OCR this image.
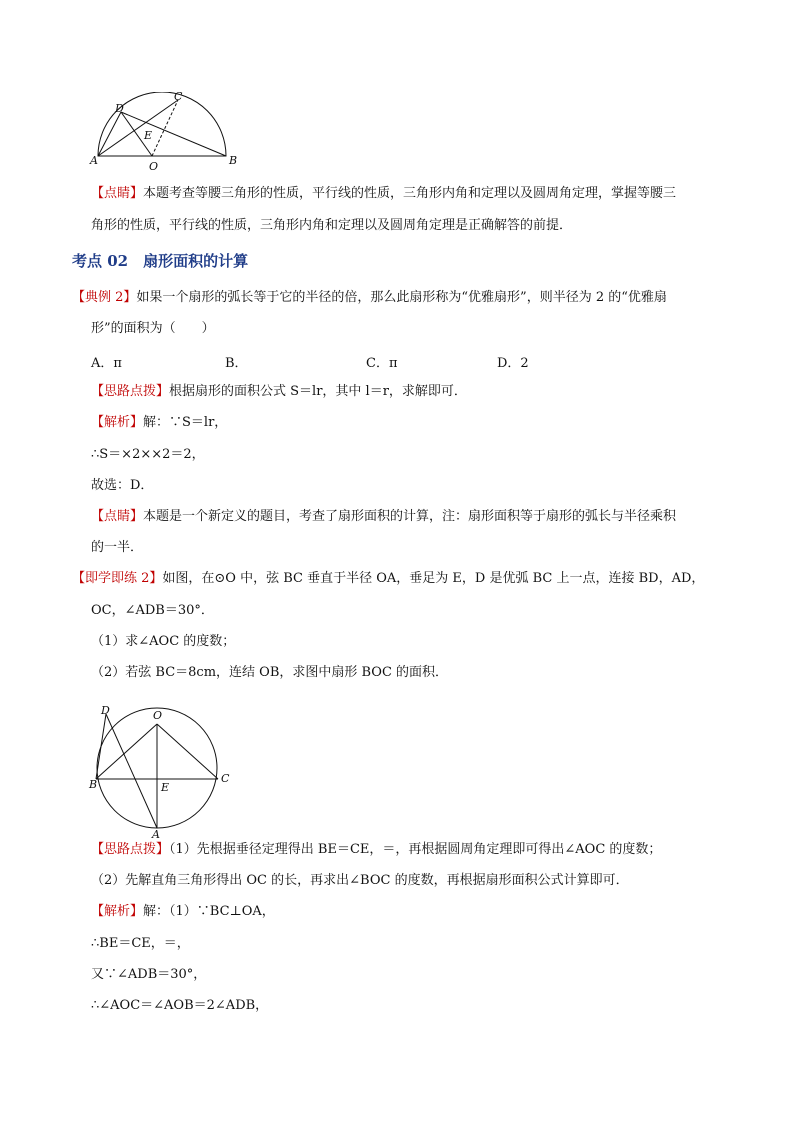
A	B
C
D
E
O
【点睛】本题考查等腰三角形的性质，平行线的性质，三角形内角和定理以及圆周角定理，掌握等腰三
角形的性质，平行线的性质，三角形内角和定理以及圆周角定理是正确解答的前提．
考点 02　 扇形面积的计算
【典例 2】如果一个扇形的弧长等于它的半径的倍，那么此扇形称为“优雅扇形”，则半径为 2 的“优雅扇
形”的面积为（　　）
A．π	B．	C．π	D．2
【思路点拨】根据扇形的面积公式 S＝lr，其中 l＝r，求解即可．
【解析】解：∵S＝lr，
∴S＝×2××2＝2，
故选：D．
【点睛】本题是一个新定义的题目，考查了扇形面积的计算，注：扇形面积等于扇形的弧长与半径乘积
的一半．
【即学即练 2】如图，在⊙O 中，弦 BC 垂直于半径 OA，垂足为 E，D 是优弧 BC 上一点，连接 BD，AD，
OC，∠ADB＝30°．
（1）求∠AOC 的度数；
（2）若弦 BC＝8cm，连结 OB，求图中扇形 BOC 的面积．
D	O
B	C
E
A
【思路点拨】（1）先根据垂径定理得出 BE＝CE，＝，再根据圆周角定理即可得出∠AOC 的度数；
（2）先解直角三角形得出 OC 的长，再求出∠BOC 的度数，再根据扇形面积公式计算即可．
【解析】解：（1）∵BC⊥OA，
∴BE＝CE，＝，
又∵∠ADB＝30°，
∴∠AOC＝∠AOB＝2∠ADB，
